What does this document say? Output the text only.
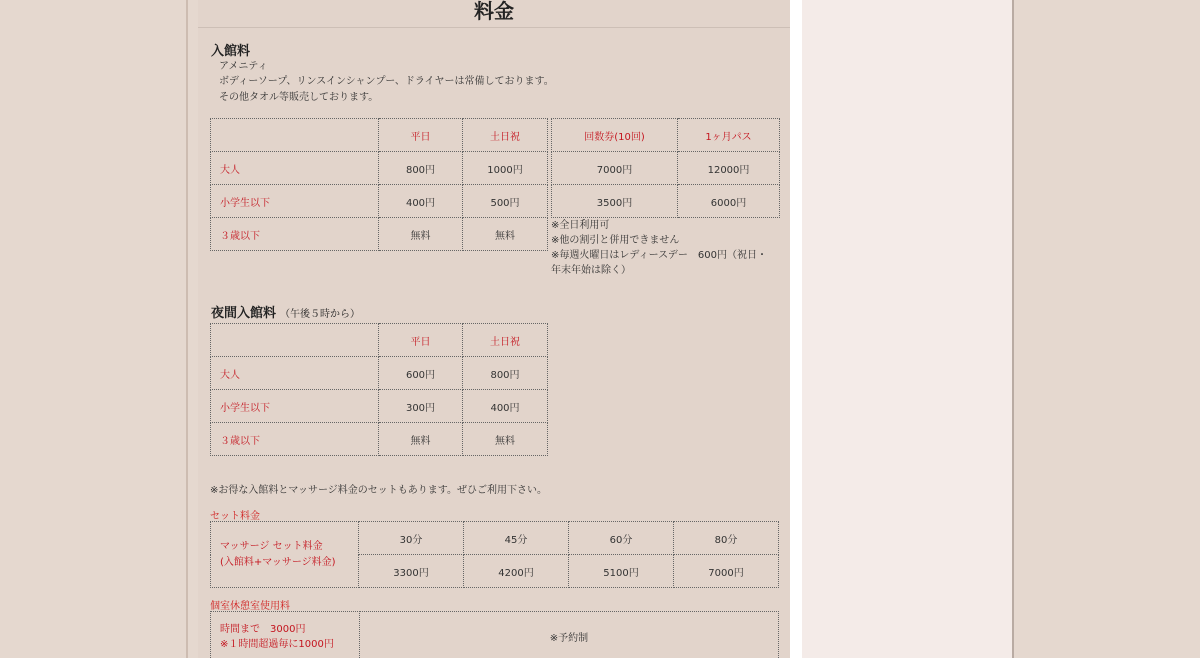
料金
入館料
アメニティ
ボディーソープ、リンスインシャンプー、ドライヤーは常備しております。
その他タオル等販売しております。
	平日	土日祝
大人	800円	1000円
小学生以下	400円	500円
３歳以下	無料	無料
回数券(10回)	1ヶ月パス
7000円	12000円
3500円	6000円
※全日利用可
※他の割引と併用できません
※毎週火曜日はレディースデー　600円（祝日・
年末年始は除く）
夜間入館料 （午後５時から）
	平日	土日祝
大人	600円	800円
小学生以下	300円	400円
３歳以下	無料	無料
※お得な入館料とマッサージ料金のセットもあります。ぜひご利用下さい。
セット料金
マッサージ セット料金
(入館料+マッサージ料金)	30分	45分	60分	80分
	3300円	4200円	5100円	7000円
個室休憩室使用料
時間まで　3000円
※１時間超過毎に1000円	※予約制
